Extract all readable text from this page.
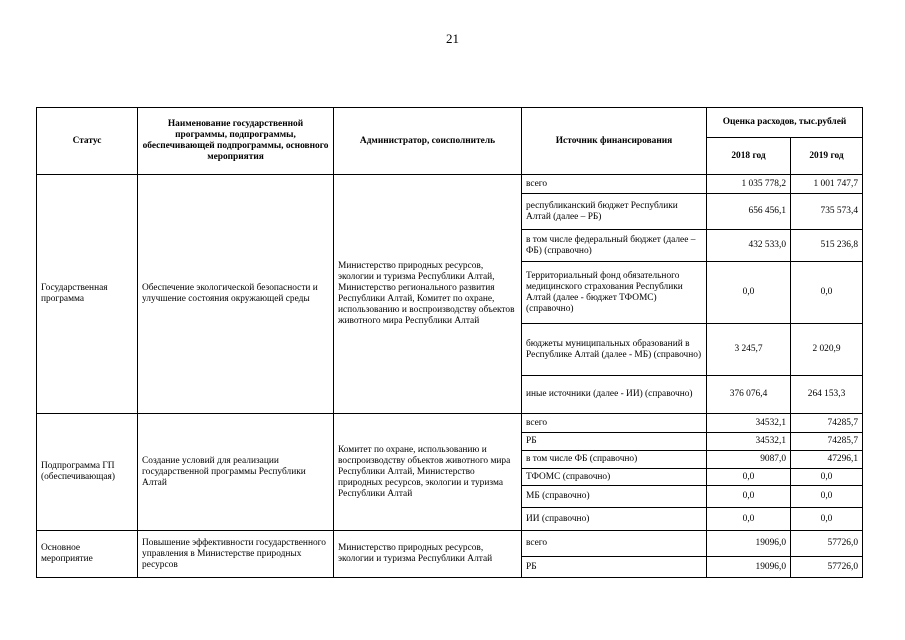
21
Статус	Наименование государственной программы, подпрограммы, обеспечивающей подпрограммы, основного мероприятия	Администратор, соисполнитель	Источник финансирования	Оценка расходов, тыс.рублей	
				2018 год	2019 год
Государственная программа	Обеспечение экологической безопасности и улучшение состояния окружающей среды	Министерство природных ресурсов, экологии и туризма Республики Алтай, Министерство регионального развития Республики Алтай, Комитет по охране, использованию и воспроизводству объектов животного мира Республики Алтай	всего	1 035 778,2	1 001 747,7
			республиканский бюджет Республики Алтай (далее – РБ)	656 456,1	735 573,4
			в том числе федеральный бюджет (далее – ФБ) (справочно)	432 533,0	515 236,8
			Территориальный фонд обязательного медицинского страхования Республики Алтай (далее - бюджет ТФОМС) (справочно)	0,0	0,0
			бюджеты муниципальных образований в Республике Алтай (далее - МБ) (справочно)	3 245,7	2 020,9
			иные источники (далее - ИИ) (справочно)	376 076,4	264 153,3
Подпрограмма ГП (обеспечивающая)	Создание условий для реализации государственной программы Республики Алтай	Комитет по охране, использованию и воспроизводству объектов животного мира Республики Алтай, Министерство природных ресурсов, экологии и туризма Республики Алтай	всего	34532,1	74285,7
			РБ	34532,1	74285,7
			в том числе ФБ (справочно)	9087,0	47296,1
			ТФОМС (справочно)	0,0	0,0
			МБ (справочно)	0,0	0,0
			ИИ (справочно)	0,0	0,0
Основное мероприятие	Повышение эффективности государственного управления в Министерстве природных ресурсов	Министерство природных ресурсов, экологии и туризма Республики Алтай	всего	19096,0	57726,0
			РБ	19096,0	57726,0
